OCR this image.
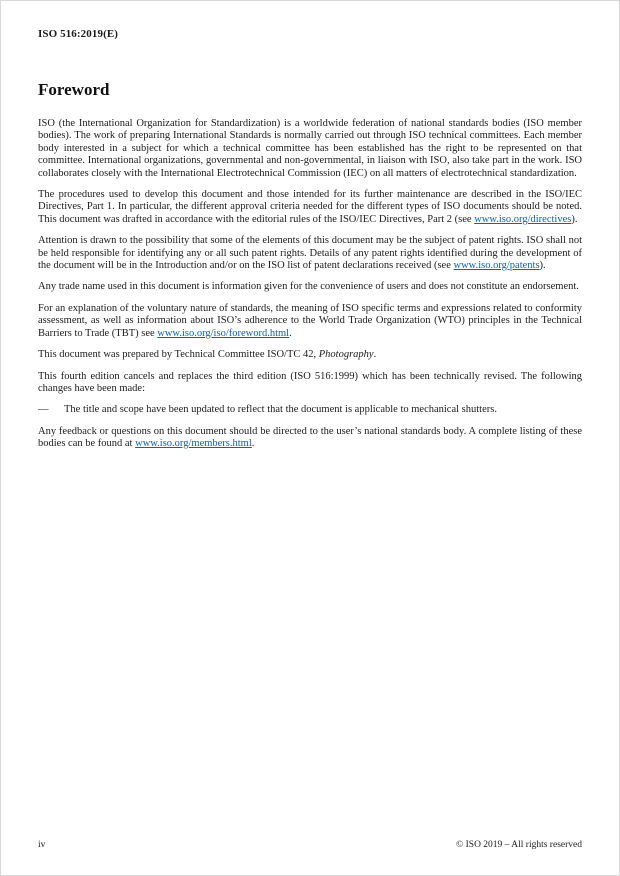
ISO 516:2019(E)
Foreword

ISO (the International Organization for Standardization) is a worldwide federation of national standards bodies (ISO member bodies). The work of preparing International Standards is normally carried out through ISO technical committees. Each member body interested in a subject for which a technical committee has been established has the right to be represented on that committee. International organizations, governmental and non-governmental, in liaison with ISO, also take part in the work. ISO collaborates closely with the International Electrotechnical Commission (IEC) on all matters of electrotechnical standardization.

The procedures used to develop this document and those intended for its further maintenance are described in the ISO/IEC Directives, Part 1. In particular, the different approval criteria needed for the different types of ISO documents should be noted. This document was drafted in accordance with the editorial rules of the ISO/IEC Directives, Part 2 (see www.iso.org/directives).

Attention is drawn to the possibility that some of the elements of this document may be the subject of patent rights. ISO shall not be held responsible for identifying any or all such patent rights. Details of any patent rights identified during the development of the document will be in the Introduction and/or on the ISO list of patent declarations received (see www.iso.org/patents).

Any trade name used in this document is information given for the convenience of users and does not constitute an endorsement.

For an explanation of the voluntary nature of standards, the meaning of ISO specific terms and expressions related to conformity assessment, as well as information about ISO’s adherence to the World Trade Organization (WTO) principles in the Technical Barriers to Trade (TBT) see www.iso.org/iso/foreword.html.

This document was prepared by Technical Committee ISO/TC 42, Photography.

This fourth edition cancels and replaces the third edition (ISO 516:1999) which has been technically revised. The following changes have been made:

— The title and scope have been updated to reflect that the document is applicable to mechanical shutters.

Any feedback or questions on this document should be directed to the user’s national standards body. A complete listing of these bodies can be found at www.iso.org/members.html.

iv	© ISO 2019 – All rights reserved
